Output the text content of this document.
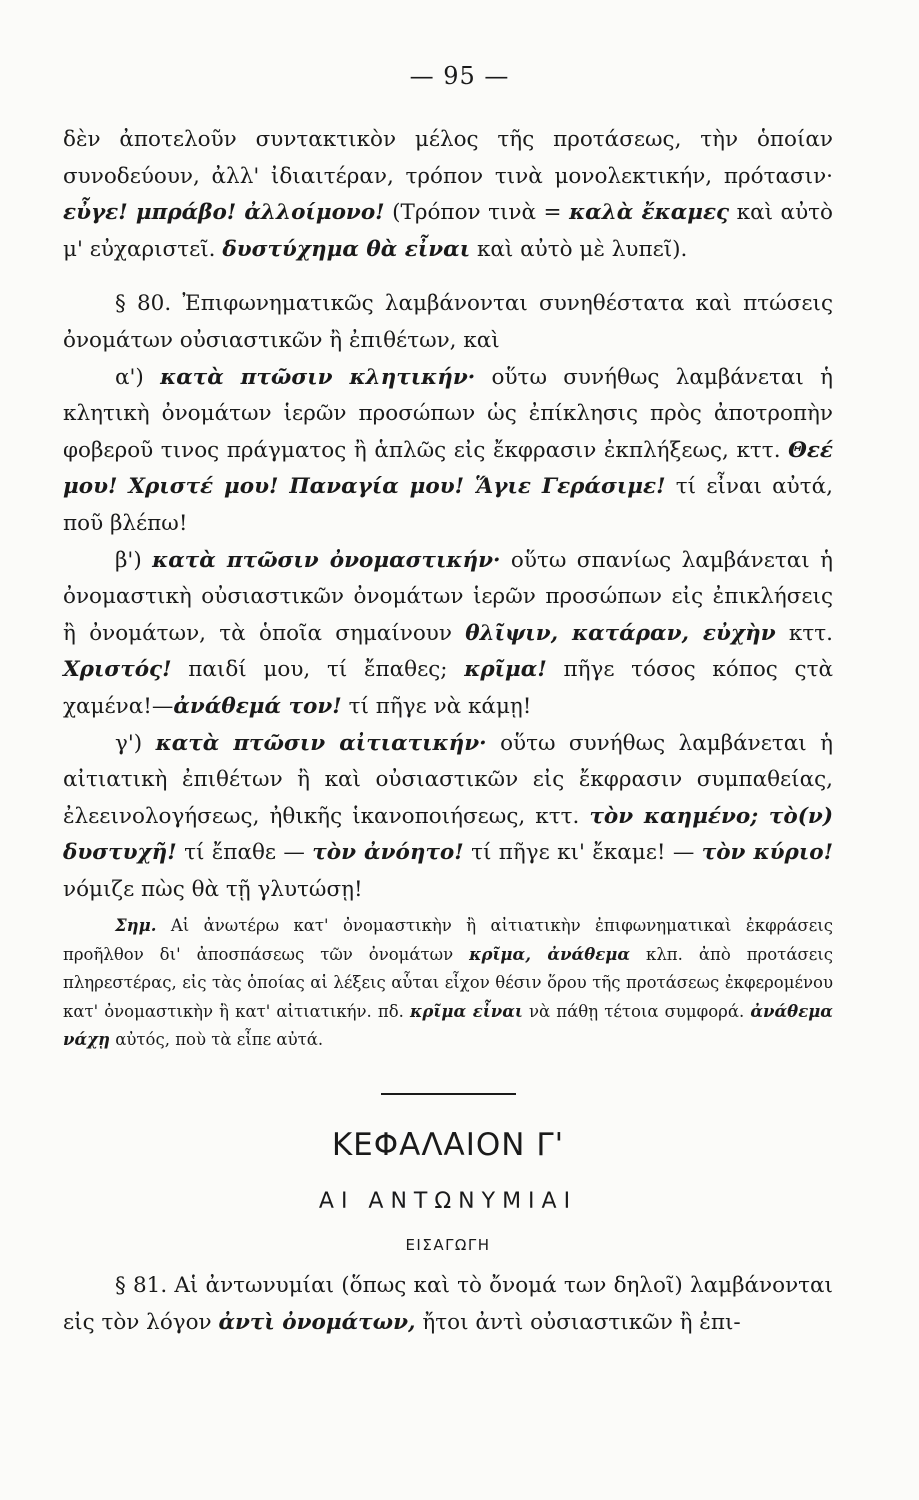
— 95 —

δὲν ἀποτελοῦν συντακτικὸν μέλος τῆς προτάσεως, τὴν ὁποίαν συνοδεύουν, ἀλλ' ἰδιαιτέραν, τρόπον τινὰ μονολεκτικήν, πρότασιν· εὖγε! μπράβο! ἀλλοίμονο! (Τρόπον τινὰ = καλὰ ἔκαμες καὶ αὐτὸ μ' εὐχαριστεῖ. δυστύχημα θὰ εἶναι καὶ αὐτὸ μὲ λυπεῖ).

§ 80. Ἐπιφωνηματικῶς λαμβάνονται συνηθέστατα καὶ πτώσεις ὀνομάτων οὐσιαστικῶν ἢ ἐπιθέτων, καὶ

α') κατὰ πτῶσιν κλητικήν· οὕτω συνήθως λαμβάνεται ἡ κλητικὴ ὀνομάτων ἱερῶν προσώπων ὡς ἐπίκλησις πρὸς ἀποτροπὴν φοβεροῦ τινος πράγματος ἢ ἁπλῶς εἰς ἔκφρασιν ἐκπλήξεως, κττ. Θεέ μου! Χριστέ μου! Παναγία μου! Ἅγιε Γεράσιμε! τί εἶναι αὐτά, ποῦ βλέπω!

β') κατὰ πτῶσιν ὀνομαστικήν· οὕτω σπανίως λαμβάνεται ἡ ὀνομαστικὴ οὐσιαστικῶν ὀνομάτων ἱερῶν προσώπων εἰς ἐπικλήσεις ἢ ὀνομάτων, τὰ ὁποῖα σημαίνουν θλῖψιν, κατάραν, εὐχὴν κττ. Χριστός! παιδί μου, τί ἔπαθες; κρῖμα! πῆγε τόσος κόπος ςτὰ χαμένα!—ἀνάθεμά τον! τί πῆγε νὰ κάμῃ!

γ') κατὰ πτῶσιν αἰτιατικήν· οὕτω συνήθως λαμβάνεται ἡ αἰτιατικὴ ἐπιθέτων ἢ καὶ οὐσιαστικῶν εἰς ἔκφρασιν συμπαθείας, ἐλεεινολογήσεως, ἠθικῆς ἱκανοποιήσεως, κττ. τὸν καημένο; τὸ(ν) δυστυχῆ! τί ἔπαθε — τὸν ἀνόητο! τί πῆγε κι' ἔκαμε! — τὸν κύριο! νόμιζε πὼς θὰ τῇ γλυτώσῃ!

Σημ. Αἱ ἀνωτέρω κατ' ὀνομαστικὴν ἢ αἰτιατικὴν ἐπιφωνηματικαὶ ἐκφράσεις προῆλθον δι' ἀποσπάσεως τῶν ὀνομάτων κρῖμα, ἀνάθεμα κλπ. ἀπὸ προτάσεις πληρεστέρας, εἰς τὰς ὁποίας αἱ λέξεις αὗται εἶχον θέσιν ὅρου τῆς προτάσεως ἐκφερομένου κατ' ὀνομαστικὴν ἢ κατ' αἰτιατικήν. πδ. κρῖμα εἶναι νὰ πάθῃ τέτοια συμφορά. ἀνάθεμα νάχῃ αὐτός, ποὺ τὰ εἶπε αὐτά.
ΚΕΦΑΛΑΙΟΝ Γ'
ΑΙ ΑΝΤΩΝΥΜΙΑΙ
ΕΙΣΑΓΩΓΗ

§ 81. Αἱ ἀντωνυμίαι (ὅπως καὶ τὸ ὄνομά των δηλοῖ) λαμβάνονται εἰς τὸν λόγον ἀντὶ ὀνομάτων, ἤτοι ἀντὶ οὐσιαστικῶν ἢ ἐπι-
